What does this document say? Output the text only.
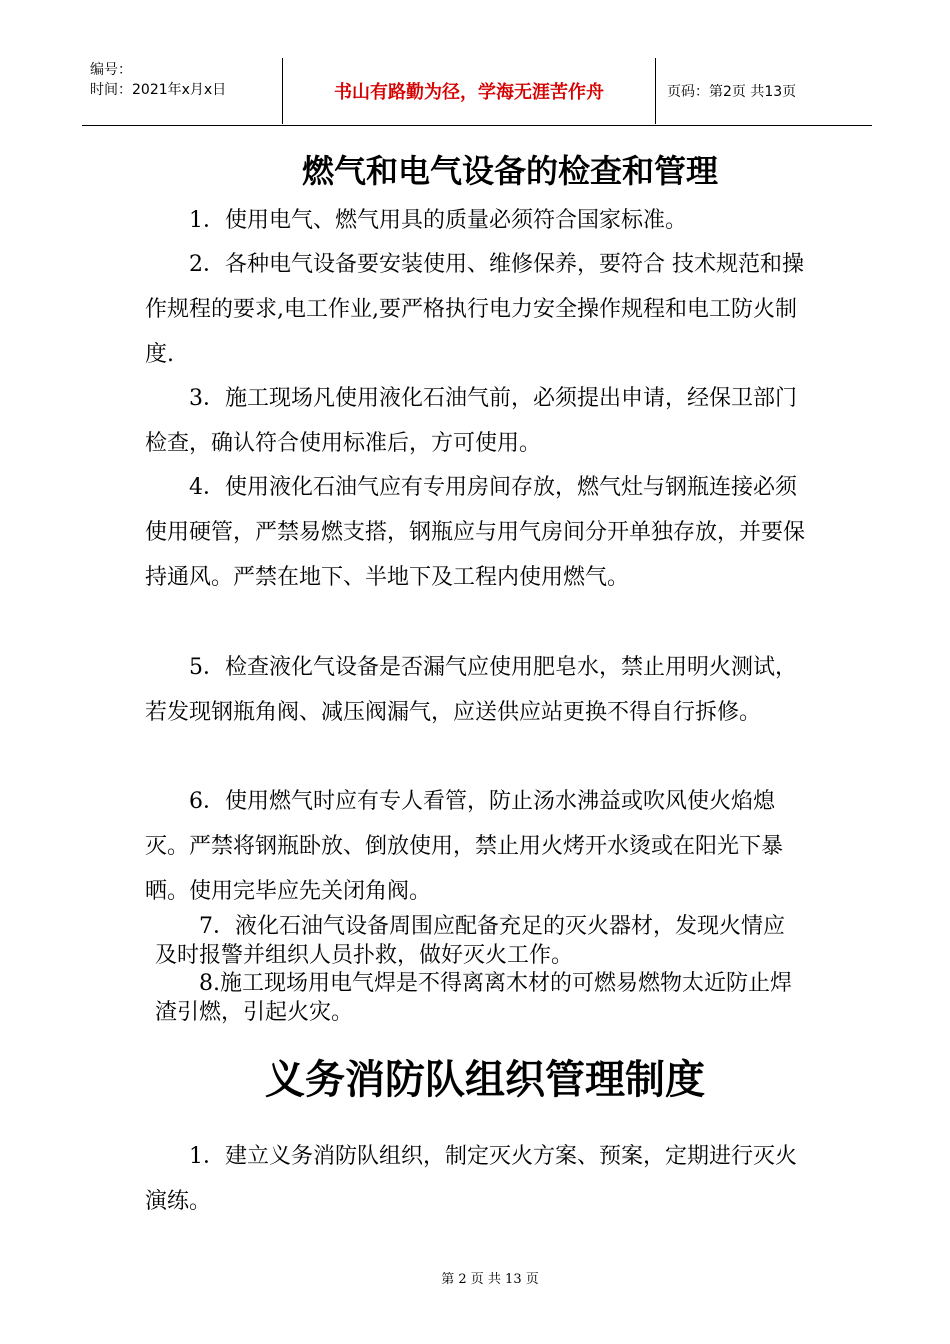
编号：
时间：2021年x月x日	书山有路勤为径，学海无涯苦作舟	页码：第2页 共13页
燃气和电气设备的检查和管理

1．使用电气、燃气用具的质量必须符合国家标准。

2．各种电气设备要安装使用、维修保养，要符合 技术规范和操作规程的要求,电工作业,要严格执行电力安全操作规程和电工防火制度.

3．施工现场凡使用液化石油气前，必须提出申请，经保卫部门检查，确认符合使用标准后，方可使用。

4．使用液化石油气应有专用房间存放，燃气灶与钢瓶连接必须使用硬管，严禁易燃支搭，钢瓶应与用气房间分开单独存放，并要保持通风。严禁在地下、半地下及工程内使用燃气。

5．检查液化气设备是否漏气应使用肥皂水，禁止用明火测试，若发现钢瓶角阀、减压阀漏气，应送供应站更换不得自行拆修。

6．使用燃气时应有专人看管，防止汤水沸益或吹风使火焰熄灭。严禁将钢瓶卧放、倒放使用，禁止用火烤开水烫或在阳光下暴晒。使用完毕应先关闭角阀。

7．液化石油气设备周围应配备充足的灭火器材，发现火情应及时报警并组织人员扑救，做好灭火工作。

8.施工现场用电气焊是不得离离木材的可燃易燃物太近防止焊渣引燃，引起火灾。

义务消防队组织管理制度

1．建立义务消防队组织，制定灭火方案、预案，定期进行灭火演练。

第 2 页 共 13 页
